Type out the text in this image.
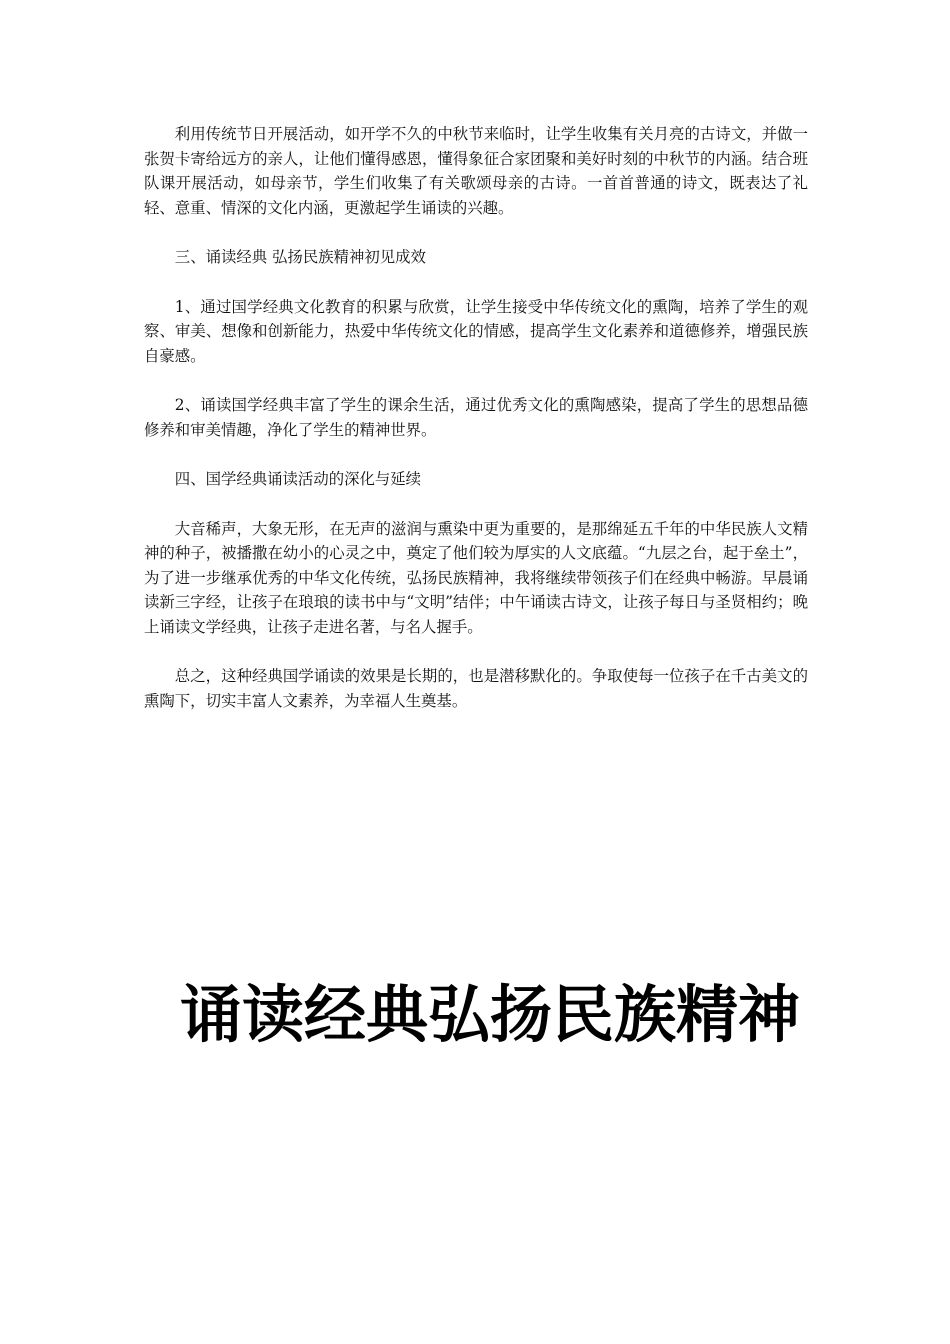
利用传统节日开展活动，如开学不久的中秋节来临时，让学生收集有关月亮的古诗文，并做一张贺卡寄给远方的亲人，让他们懂得感恩，懂得象征合家团聚和美好时刻的中秋节的内涵。结合班队课开展活动，如母亲节，学生们收集了有关歌颂母亲的古诗。一首首普通的诗文，既表达了礼轻、意重、情深的文化内涵，更激起学生诵读的兴趣。

三、诵读经典 弘扬民族精神初见成效

1、通过国学经典文化教育的积累与欣赏，让学生接受中华传统文化的熏陶，培养了学生的观察、审美、想像和创新能力，热爱中华传统文化的情感，提高学生文化素养和道德修养，增强民族自豪感。

2、诵读国学经典丰富了学生的课余生活，通过优秀文化的熏陶感染，提高了学生的思想品德修养和审美情趣，净化了学生的精神世界。

四、国学经典诵读活动的深化与延续

大音稀声，大象无形，在无声的滋润与熏染中更为重要的，是那绵延五千年的中华民族人文精神的种子，被播撒在幼小的心灵之中，奠定了他们较为厚实的人文底蕴。“九层之台，起于垒土”，为了进一步继承优秀的中华文化传统，弘扬民族精神，我将继续带领孩子们在经典中畅游。早晨诵读新三字经，让孩子在琅琅的读书中与“文明”结伴；中午诵读古诗文，让孩子每日与圣贤相约；晚上诵读文学经典，让孩子走进名著，与名人握手。

总之，这种经典国学诵读的效果是长期的，也是潜移默化的。争取使每一位孩子在千古美文的熏陶下，切实丰富人文素养，为幸福人生奠基。

诵读经典弘扬民族精神
